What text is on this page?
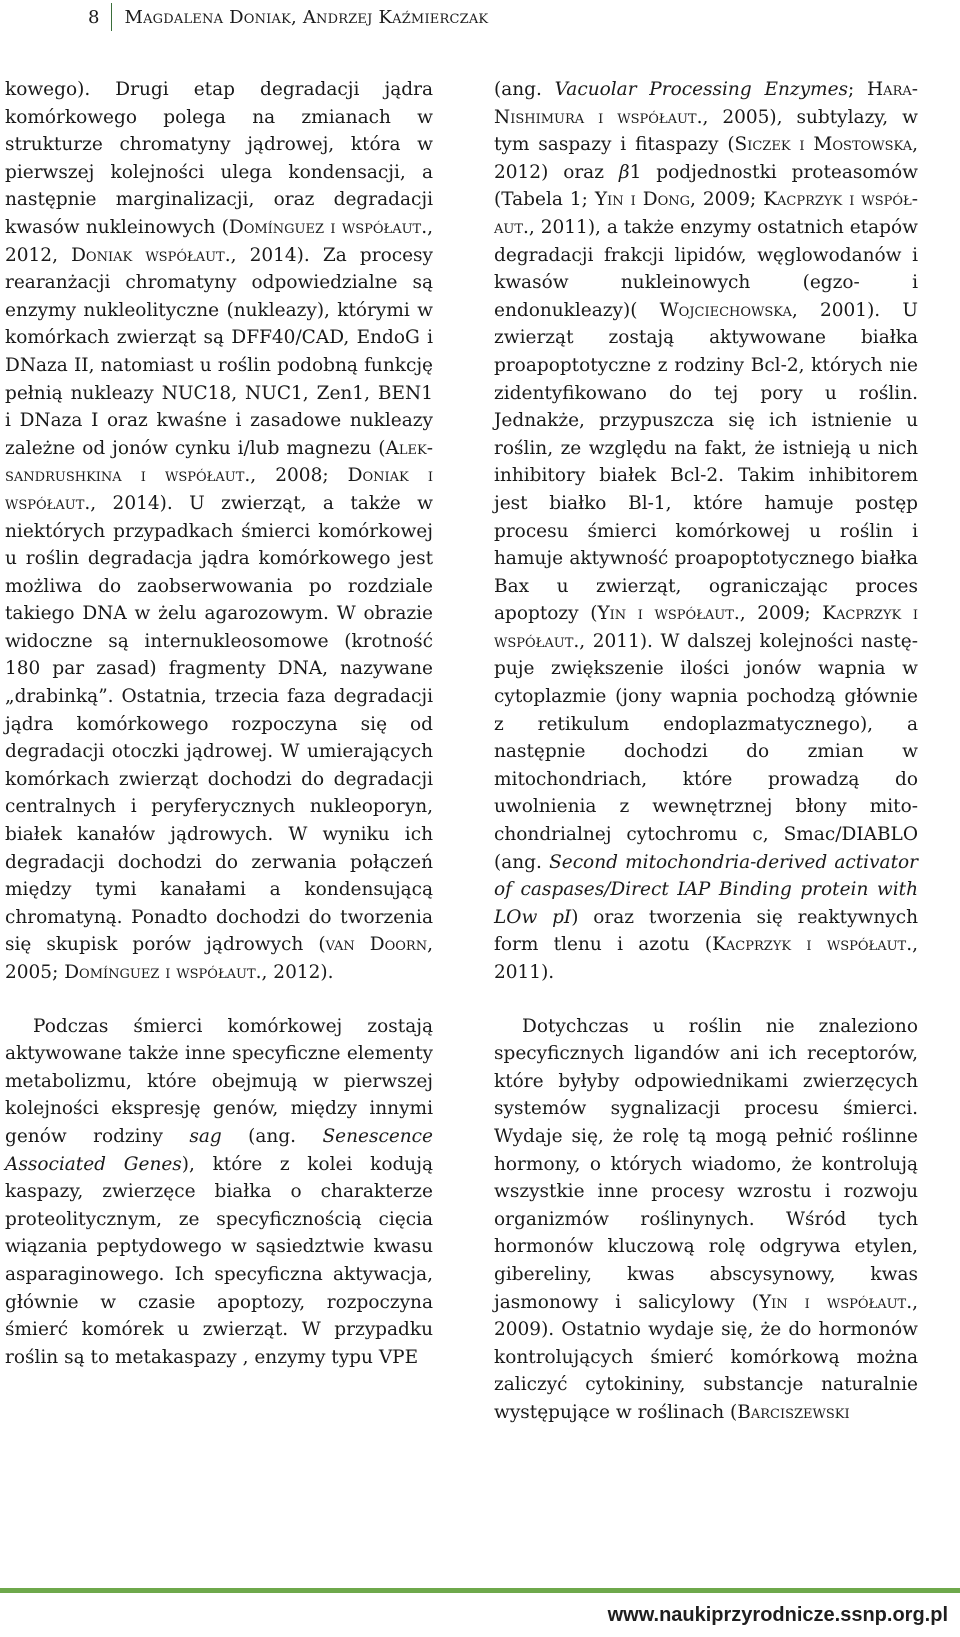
8	Magdalena Doniak, Andrzej Kaźmierczak

kowego). Drugi etap degradacji jądra komórkowego polega na zmianach w strukturze chromatyny jądrowej, która w pierwszej kolejności ulega kondensacji, a następnie marginalizacji, oraz degradacji kwasów nukleinowych (Domínguez i współaut., 2012, Doniak współaut., 2014). Za procesy rearanżacji chromatyny odpowiedzialne są enzymy nukleolityczne (nukleazy), którymi w komórkach zwierząt są DFF40/CAD, EndoG i DNaza II, natomiast u roślin podobną funkcję pełnią nukleazy NUC18, NUC1, Zen1, BEN1 i DNaza I oraz kwaśne i zasadowe nukleazy zależne od jonów cynku i/lub magnezu (Aleksandrushkina i współaut., 2008; Doniak i współaut., 2014). U zwierząt, a także w niektórych przypadkach śmierci komórkowej u roślin degradacja jądra komórkowego jest możliwa do zaobserwowania po rozdziale takiego DNA w żelu agarozowym. W obrazie widoczne są internukleosomowe (krotność 180 par zasad) fragmenty DNA, nazywane „drabinką”. Ostatnia, trzecia faza degradacji jądra komórkowego rozpoczyna się od degradacji otoczki jądrowej. W umierających komórkach zwierząt dochodzi do degradacji centralnych i peryferycznych nukleoporyn, białek kanałów jądrowych. W wyniku ich degradacji dochodzi do zerwania połączeń między tymi kanałami a kondensującą chromatyną. Ponadto dochodzi do tworzenia się skupisk porów jądrowych (van Doorn, 2005; Domínguez i współaut., 2012).

Podczas śmierci komórkowej zostają aktywowane także inne specyficzne elementy metabolizmu, które obejmują w pierwszej kolejności ekspresję genów, między innymi genów rodziny sag (ang. Senescence Associated Genes), które z kolei kodują kaspazy, zwierzęce białka o charakterze proteolitycznym, ze specyficznością cięcia wiązania peptydowego w sąsiedztwie kwasu asparaginowego. Ich specyficzna aktywacja, głównie w czasie apoptozy, rozpoczyna śmierć komórek u zwierząt. W przypadku roślin są to metakaspazy , enzymy typu VPE

(ang. Vacuolar Processing Enzymes; Hara-Nishimura i współaut., 2005), subtylazy, w tym saspazy i fitaspazy (Siczek i Mostowska, 2012) oraz β1 podjednostki proteasomów (Tabela 1; Yin i Dong, 2009; Kacprzyk i współaut., 2011), a także enzymy ostatnich etapów degradacji frakcji lipidów, węglowodanów i kwasów nukleinowych (egzo- i endonukleazy)( Wojciechowska, 2001). U zwierząt zostają aktywowane białka proapoptotyczne z rodziny Bcl-2, których nie zidentyfikowano do tej pory u roślin. Jednakże, przypuszcza się ich istnienie u roślin, ze względu na fakt, że istnieją u nich inhibitory białek Bcl-2. Takim inhibitorem jest białko Bl-1, które hamuje postęp procesu śmierci komórkowej u roślin i hamuje aktywność proapoptotycznego białka Bax u zwierząt, ograniczając proces apoptozy (Yin i współaut., 2009; Kacprzyk i współaut., 2011). W dalszej kolejności następuje zwiększenie ilości jonów wapnia w cytoplazmie (jony wapnia pochodzą głównie z retikulum endoplazmatycznego), a następnie dochodzi do zmian w mitochondriach, które prowadzą do uwolnienia z wewnętrznej błony mitochondrialnej cytochromu c, Smac/DIABLO (ang. Second mitochondria-derived activator of caspases/Direct IAP Binding protein with LOw pI) oraz tworzenia się reaktywnych form tlenu i azotu (Kacprzyk i współaut., 2011).

Dotychczas u roślin nie znaleziono specyficznych ligandów ani ich receptorów, które byłyby odpowiednikami zwierzęcych systemów sygnalizacji procesu śmierci. Wydaje się, że rolę tą mogą pełnić roślinne hormony, o których wiadomo, że kontrolują wszystkie inne procesy wzrostu i rozwoju organizmów roślinynych. Wśród tych hormonów kluczową rolę odgrywa etylen, gibereliny, kwas abscysynowy, kwas jasmonowy i salicylowy (Yin i współaut., 2009). Ostatnio wydaje się, że do hormonów kontrolujących śmierć komórkową można zaliczyć cytokininy, substancje naturalnie występujące w roślinach (Barciszewski

www.naukiprzyrodnicze.ssnp.org.pl
